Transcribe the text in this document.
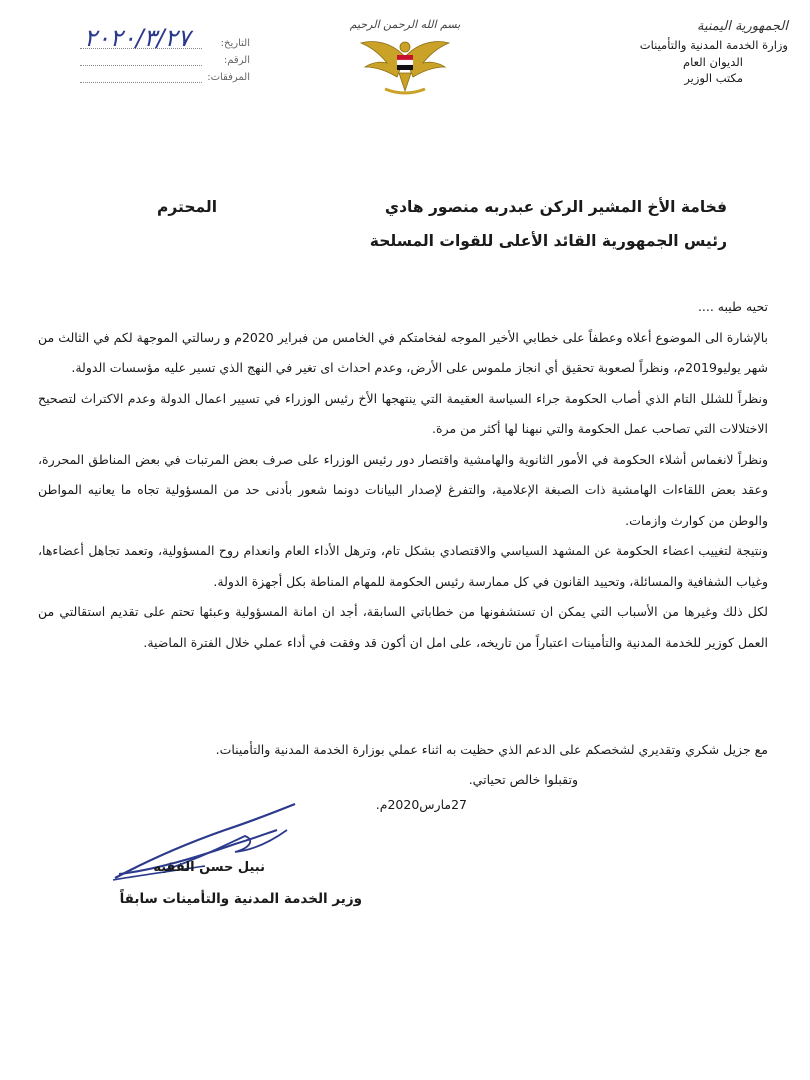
الجمهورية اليمنية
وزارة الخدمة المدنية والتأمينات
الديوان العام
مكتب الوزير
بسم الله الرحمن الرحيم
التاريخ:
الرقم:
المرفقات:
٢٠٢٠/٣/٢٧
فخامة الأخ المشير الركن عبدربه منصور هادي
المحترم
رئيس الجمهورية القائد الأعلى للقوات المسلحة
تحيه طيبه ....

بالإشارة الى الموضوع أعلاه وعطفاً على خطابي الأخير الموجه لفخامتكم في الخامس من فبراير 2020م و رسالتي الموجهة لكم في الثالث من شهر يوليو2019م، ونظراً لصعوبة تحقيق أي انجاز ملموس على الأرض، وعدم احداث اى تغير في النهج الذي تسير عليه مؤسسات الدولة.

ونظراً للشلل التام الذي أصاب الحكومة جراء السياسة العقيمة التي ينتهجها الأخ رئيس الوزراء في تسيير اعمال الدولة وعدم الاكتراث لتصحيح الاختلالات التي تصاحب عمل الحكومة والتي نبهنا لها أكثر من مرة.

ونظراً لانغماس أشلاء الحكومة في الأمور الثانوية والهامشية واقتصار دور رئيس الوزراء على صرف بعض المرتبات في بعض المناطق المحررة، وعقد بعض اللقاءات الهامشية ذات الصبغة الإعلامية، والتفرغ لإصدار البيانات دونما شعور بأدنى حد من المسؤولية تجاه ما يعانيه المواطن والوطن من كوارث وازمات.

ونتيجة لتغييب اعضاء الحكومة عن المشهد السياسي والاقتصادي بشكل تام، وترهل الأداء العام وانعدام روح المسؤولية، وتعمد تجاهل أعضاءها، وغياب الشفافية والمسائلة، وتحييد القانون في كل ممارسة رئيس الحكومة للمهام المناطة بكل أجهزة الدولة.

لكل ذلك وغيرها من الأسباب التي يمكن ان تستشفونها من خطاباتي السابقة، أجد ان امانة المسؤولية وعبئها تحتم على تقديم استقالتي من العمل كوزير للخدمة المدنية والتأمينات اعتباراً من تاريخه، على امل ان أكون قد وفقت في أداء عملي خلال الفترة الماضية.

مع جزيل شكري وتقديري لشخصكم على الدعم الذي حظيت به اثناء عملي بوزارة الخدمة المدنية والتأمينات.
وتقبلوا خالص تحياتي.
27مارس2020م.
نبيل حسن الفقيه
وزير الخدمة المدنية والتأمينات سابقاً
